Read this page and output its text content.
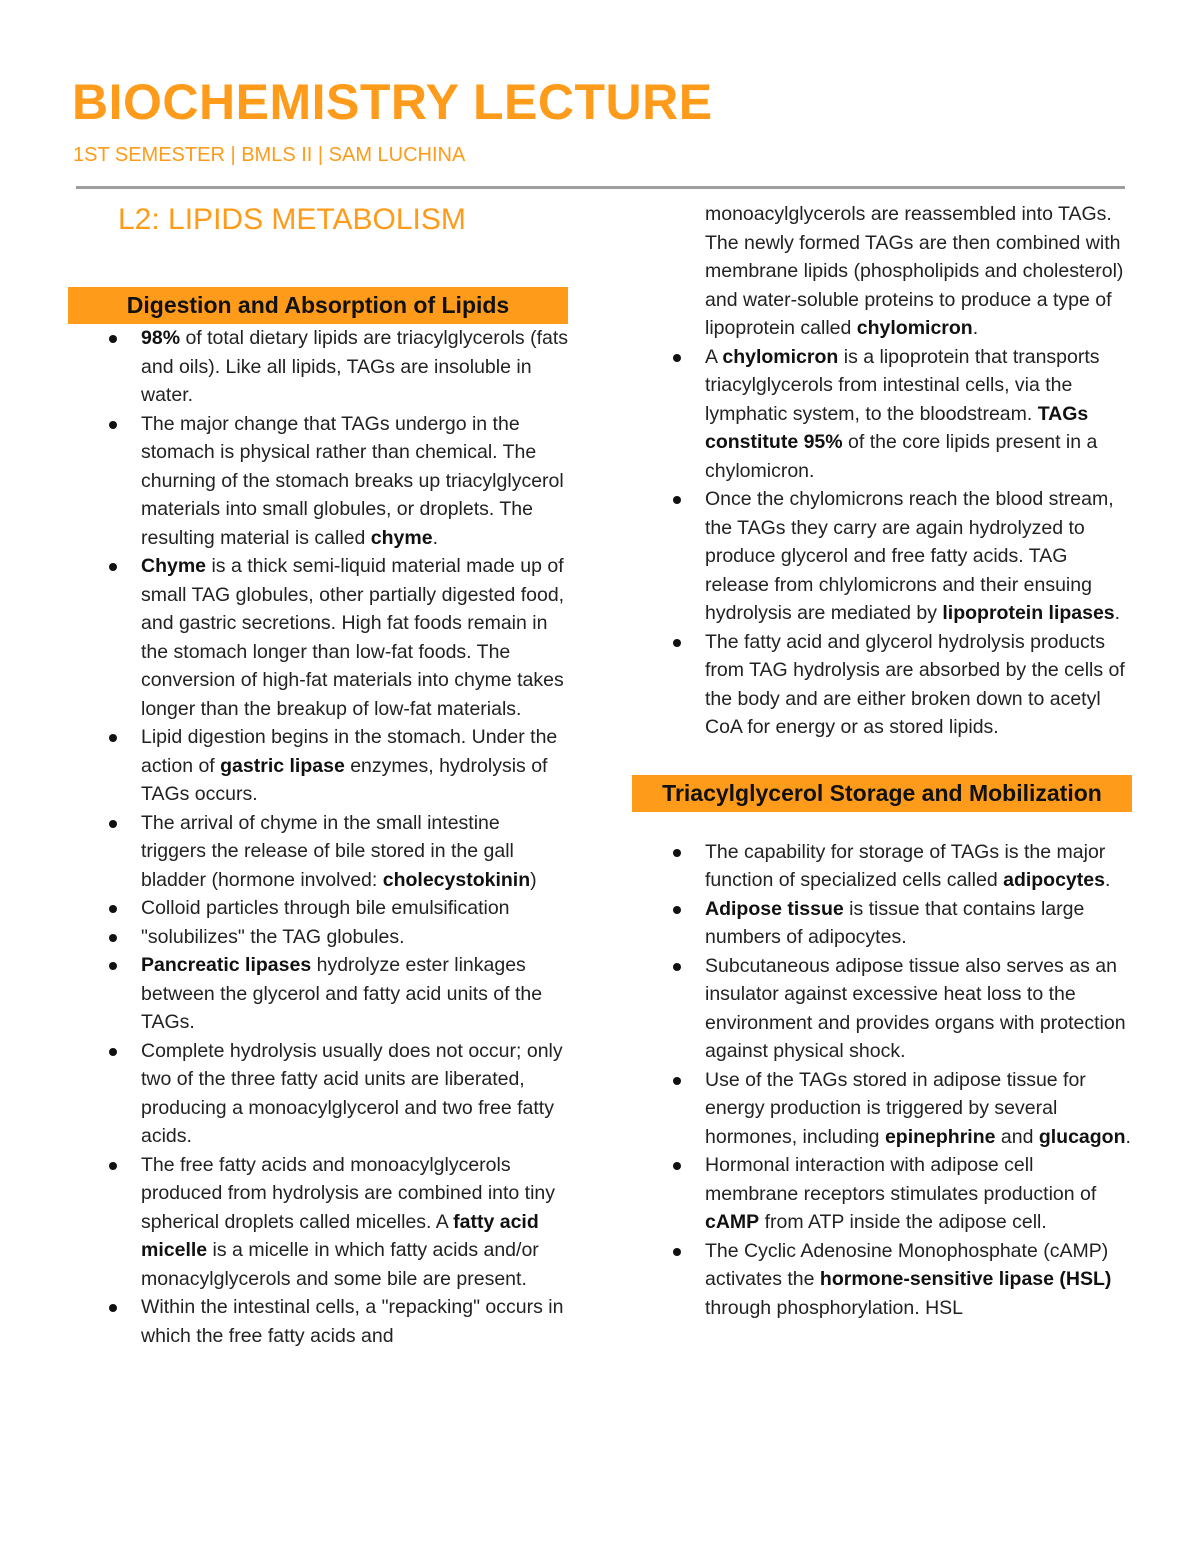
BIOCHEMISTRY LECTURE
1ST SEMESTER | BMLS II | SAM LUCHINA
L2: LIPIDS METABOLISM
Digestion and Absorption of Lipids
98% of total dietary lipids are triacylglycerols (fats and oils). Like all lipids, TAGs are insoluble in water.
The major change that TAGs undergo in the stomach is physical rather than chemical. The churning of the stomach breaks up triacylglycerol materials into small globules, or droplets. The resulting material is called chyme.
Chyme is a thick semi-liquid material made up of small TAG globules, other partially digested food, and gastric secretions. High fat foods remain in the stomach longer than low-fat foods. The conversion of high-fat materials into chyme takes longer than the breakup of low-fat materials.
Lipid digestion begins in the stomach. Under the action of gastric lipase enzymes, hydrolysis of TAGs occurs.
The arrival of chyme in the small intestine triggers the release of bile stored in the gall bladder (hormone involved: cholecystokinin)
Colloid particles through bile emulsification
"solubilizes" the TAG globules.
Pancreatic lipases hydrolyze ester linkages between the glycerol and fatty acid units of the TAGs.
Complete hydrolysis usually does not occur; only two of the three fatty acid units are liberated, producing a monoacylglycerol and two free fatty acids.
The free fatty acids and monoacylglycerols produced from hydrolysis are combined into tiny spherical droplets called micelles. A fatty acid micelle is a micelle in which fatty acids and/or monacylglycerols and some bile are present.
Within the intestinal cells, a "repacking" occurs in which the free fatty acids and
monoacylglycerols are reassembled into TAGs. The newly formed TAGs are then combined with membrane lipids (phospholipids and cholesterol) and water-soluble proteins to produce a type of lipoprotein called chylomicron.
A chylomicron is a lipoprotein that transports triacylglycerols from intestinal cells, via the lymphatic system, to the bloodstream. TAGs constitute 95% of the core lipids present in a chylomicron.
Once the chylomicrons reach the blood stream, the TAGs they carry are again hydrolyzed to produce glycerol and free fatty acids. TAG release from chlylomicrons and their ensuing hydrolysis are mediated by lipoprotein lipases.
The fatty acid and glycerol hydrolysis products from TAG hydrolysis are absorbed by the cells of the body and are either broken down to acetyl CoA for energy or as stored lipids.
Triacylglycerol Storage and Mobilization
The capability for storage of TAGs is the major function of specialized cells called adipocytes.
Adipose tissue is tissue that contains large numbers of adipocytes.
Subcutaneous adipose tissue also serves as an insulator against excessive heat loss to the environment and provides organs with protection against physical shock.
Use of the TAGs stored in adipose tissue for energy production is triggered by several hormones, including epinephrine and glucagon.
Hormonal interaction with adipose cell membrane receptors stimulates production of cAMP from ATP inside the adipose cell.
The Cyclic Adenosine Monophosphate (cAMP) activates the hormone-sensitive lipase (HSL) through phosphorylation. HSL
